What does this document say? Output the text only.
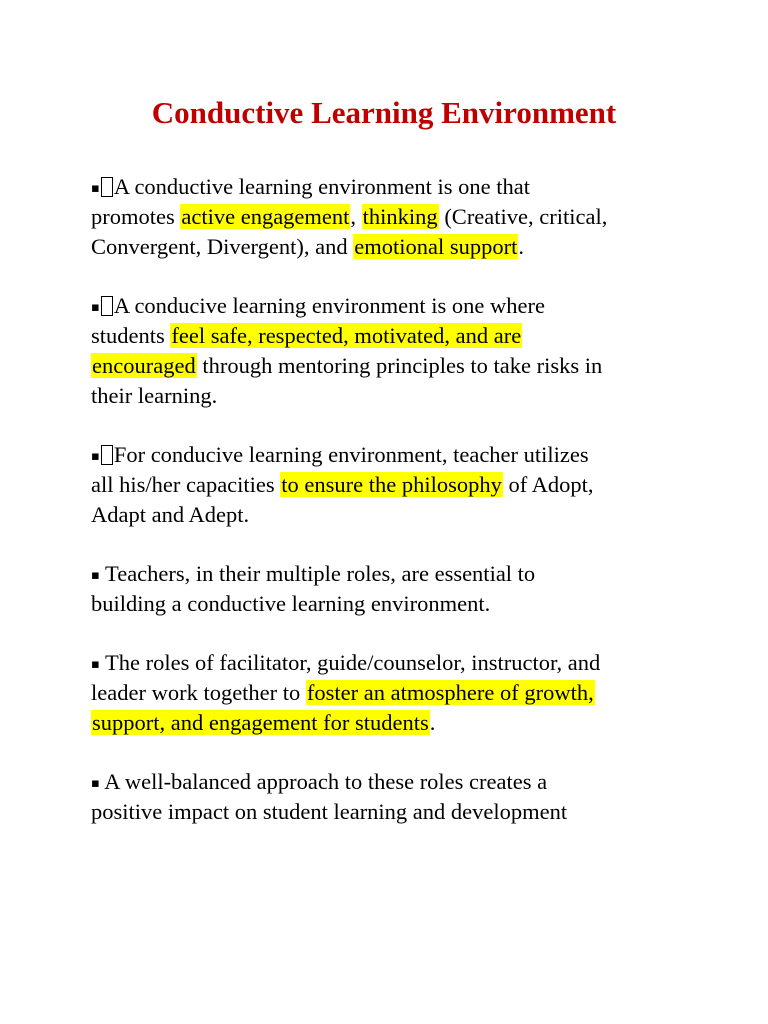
Conductive Learning Environment

▪ A conductive learning environment is one that
promotes active engagement, thinking (Creative, critical,
Convergent, Divergent), and emotional support.

▪ A conducive learning environment is one where
students feel safe, respected, motivated, and are
encouraged through mentoring principles to take risks in
their learning.

▪ For conducive learning environment, teacher utilizes
all his/her capacities to ensure the philosophy of Adopt,
Adapt and Adept.

▪ Teachers, in their multiple roles, are essential to
building a conductive learning environment.

▪ The roles of facilitator, guide/counselor, instructor, and
leader work together to foster an atmosphere of growth,
support, and engagement for students.

▪ A well-balanced approach to these roles creates a
positive impact on student learning and development
